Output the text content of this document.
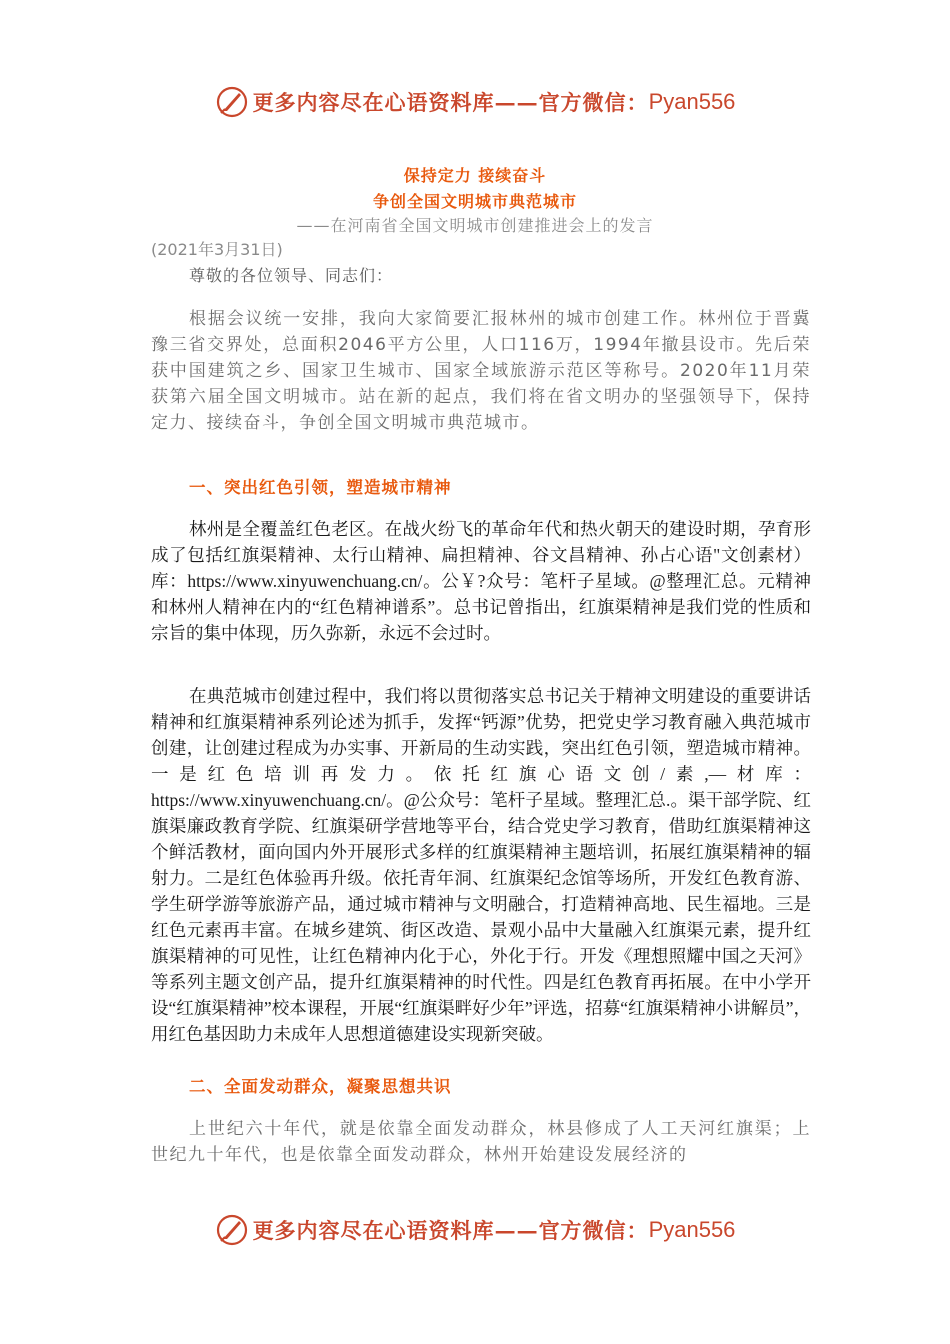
更多内容尽在心语资料库 —— 官方微信： Pyan556
保持定力 接续奋斗
争创全国文明城市典范城市
——在河南省全国文明城市创建推进会上的发言
(2021年3月31日)
尊敬的各位领导、同志们：

根据会议统一安排，我向大家简要汇报林州的城市创建工作。林州位于晋冀豫三省交界处，总面积2046平方公里，人口116万，1994年撤县设市。先后荣获中国建筑之乡、国家卫生城市、国家全域旅游示范区等称号。2020年11月荣获第六届全国文明城市。站在新的起点，我们将在省文明办的坚强领导下，保持定力、接续奋斗，争创全国文明城市典范城市。

一、突出红色引领，塑造城市精神

林州是全覆盖红色老区。在战火纷飞的革命年代和热火朝天的建设时期，孕育形成了包括红旗渠精神、太行山精神、扁担精神、谷文昌精神、孙占心语"文创素材）库：https://www.xinyuwenchuang.cn/。公￥?众号：笔杆子星域。@整理汇总。元精神和林州人精神在内的“红色精神谱系”。总书记曾指出，红旗渠精神是我们党的性质和宗旨的集中体现，历久弥新，永远不会过时。

在典范城市创建过程中，我们将以贯彻落实总书记关于精神文明建设的重要讲话精神和红旗渠精神系列论述为抓手，发挥“钙源”优势，把党史学习教育融入典范城市创建，让创建过程成为办实事、开新局的生动实践，突出红色引领，塑造城市精神。一是红色培训再发力。依托红旗心语文创/素,—材库：https://www.xinyuwenchuang.cn/。@公众号：笔杆子星域。整理汇总.。渠干部学院、红旗渠廉政教育学院、红旗渠研学营地等平台，结合党史学习教育，借助红旗渠精神这个鲜活教材，面向国内外开展形式多样的红旗渠精神主题培训，拓展红旗渠精神的辐射力。二是红色体验再升级。依托青年洞、红旗渠纪念馆等场所，开发红色教育游、学生研学游等旅游产品，通过城市精神与文明融合，打造精神高地、民生福地。三是红色元素再丰富。在城乡建筑、街区改造、景观小品中大量融入红旗渠元素，提升红旗渠精神的可见性，让红色精神内化于心，外化于行。开发《理想照耀中国之天河》等系列主题文创产品，提升红旗渠精神的时代性。四是红色教育再拓展。在中小学开设“红旗渠精神”校本课程，开展“红旗渠畔好少年”评选，招募“红旗渠精神小讲解员”，用红色基因助力未成年人思想道德建设实现新突破。

二、全面发动群众，凝聚思想共识

上世纪六十年代，就是依靠全面发动群众，林县修成了人工天河红旗渠；上世纪九十年代，也是依靠全面发动群众，林州开始建设发展经济的

更多内容尽在心语资料库 —— 官方微信： Pyan556
